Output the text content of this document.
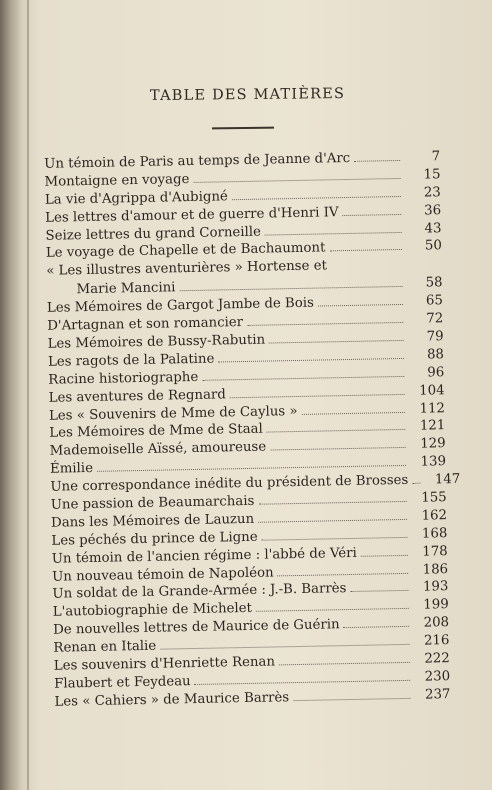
TABLE DES MATIÈRES
Un témoin de Paris au temps de Jeanne d'Arc	7
Montaigne en voyage	15
La vie d'Agrippa d'Aubigné	23
Les lettres d'amour et de guerre d'Henri IV	36
Seize lettres du grand Corneille	43
Le voyage de Chapelle et de Bachaumont	50
« Les illustres aventurières » Hortense et
Marie Mancini	58
Les Mémoires de Gargot Jambe de Bois	65
D'Artagnan et son romancier	72
Les Mémoires de Bussy-Rabutin	79
Les ragots de la Palatine	88
Racine historiographe	96
Les aventures de Regnard	104
Les « Souvenirs de Mme de Caylus »	112
Les Mémoires de Mme de Staal	121
Mademoiselle Aïssé, amoureuse	129
Émilie	139
Une correspondance inédite du président de Brosses	147
Une passion de Beaumarchais	155
Dans les Mémoires de Lauzun	162
Les péchés du prince de Ligne	168
Un témoin de l'ancien régime : l'abbé de Véri	178
Un nouveau témoin de Napoléon	186
Un soldat de la Grande-Armée : J.-B. Barrès	193
L'autobiographie de Michelet	199
De nouvelles lettres de Maurice de Guérin	208
Renan en Italie	216
Les souvenirs d'Henriette Renan	222
Flaubert et Feydeau	230
Les « Cahiers » de Maurice Barrès	237
